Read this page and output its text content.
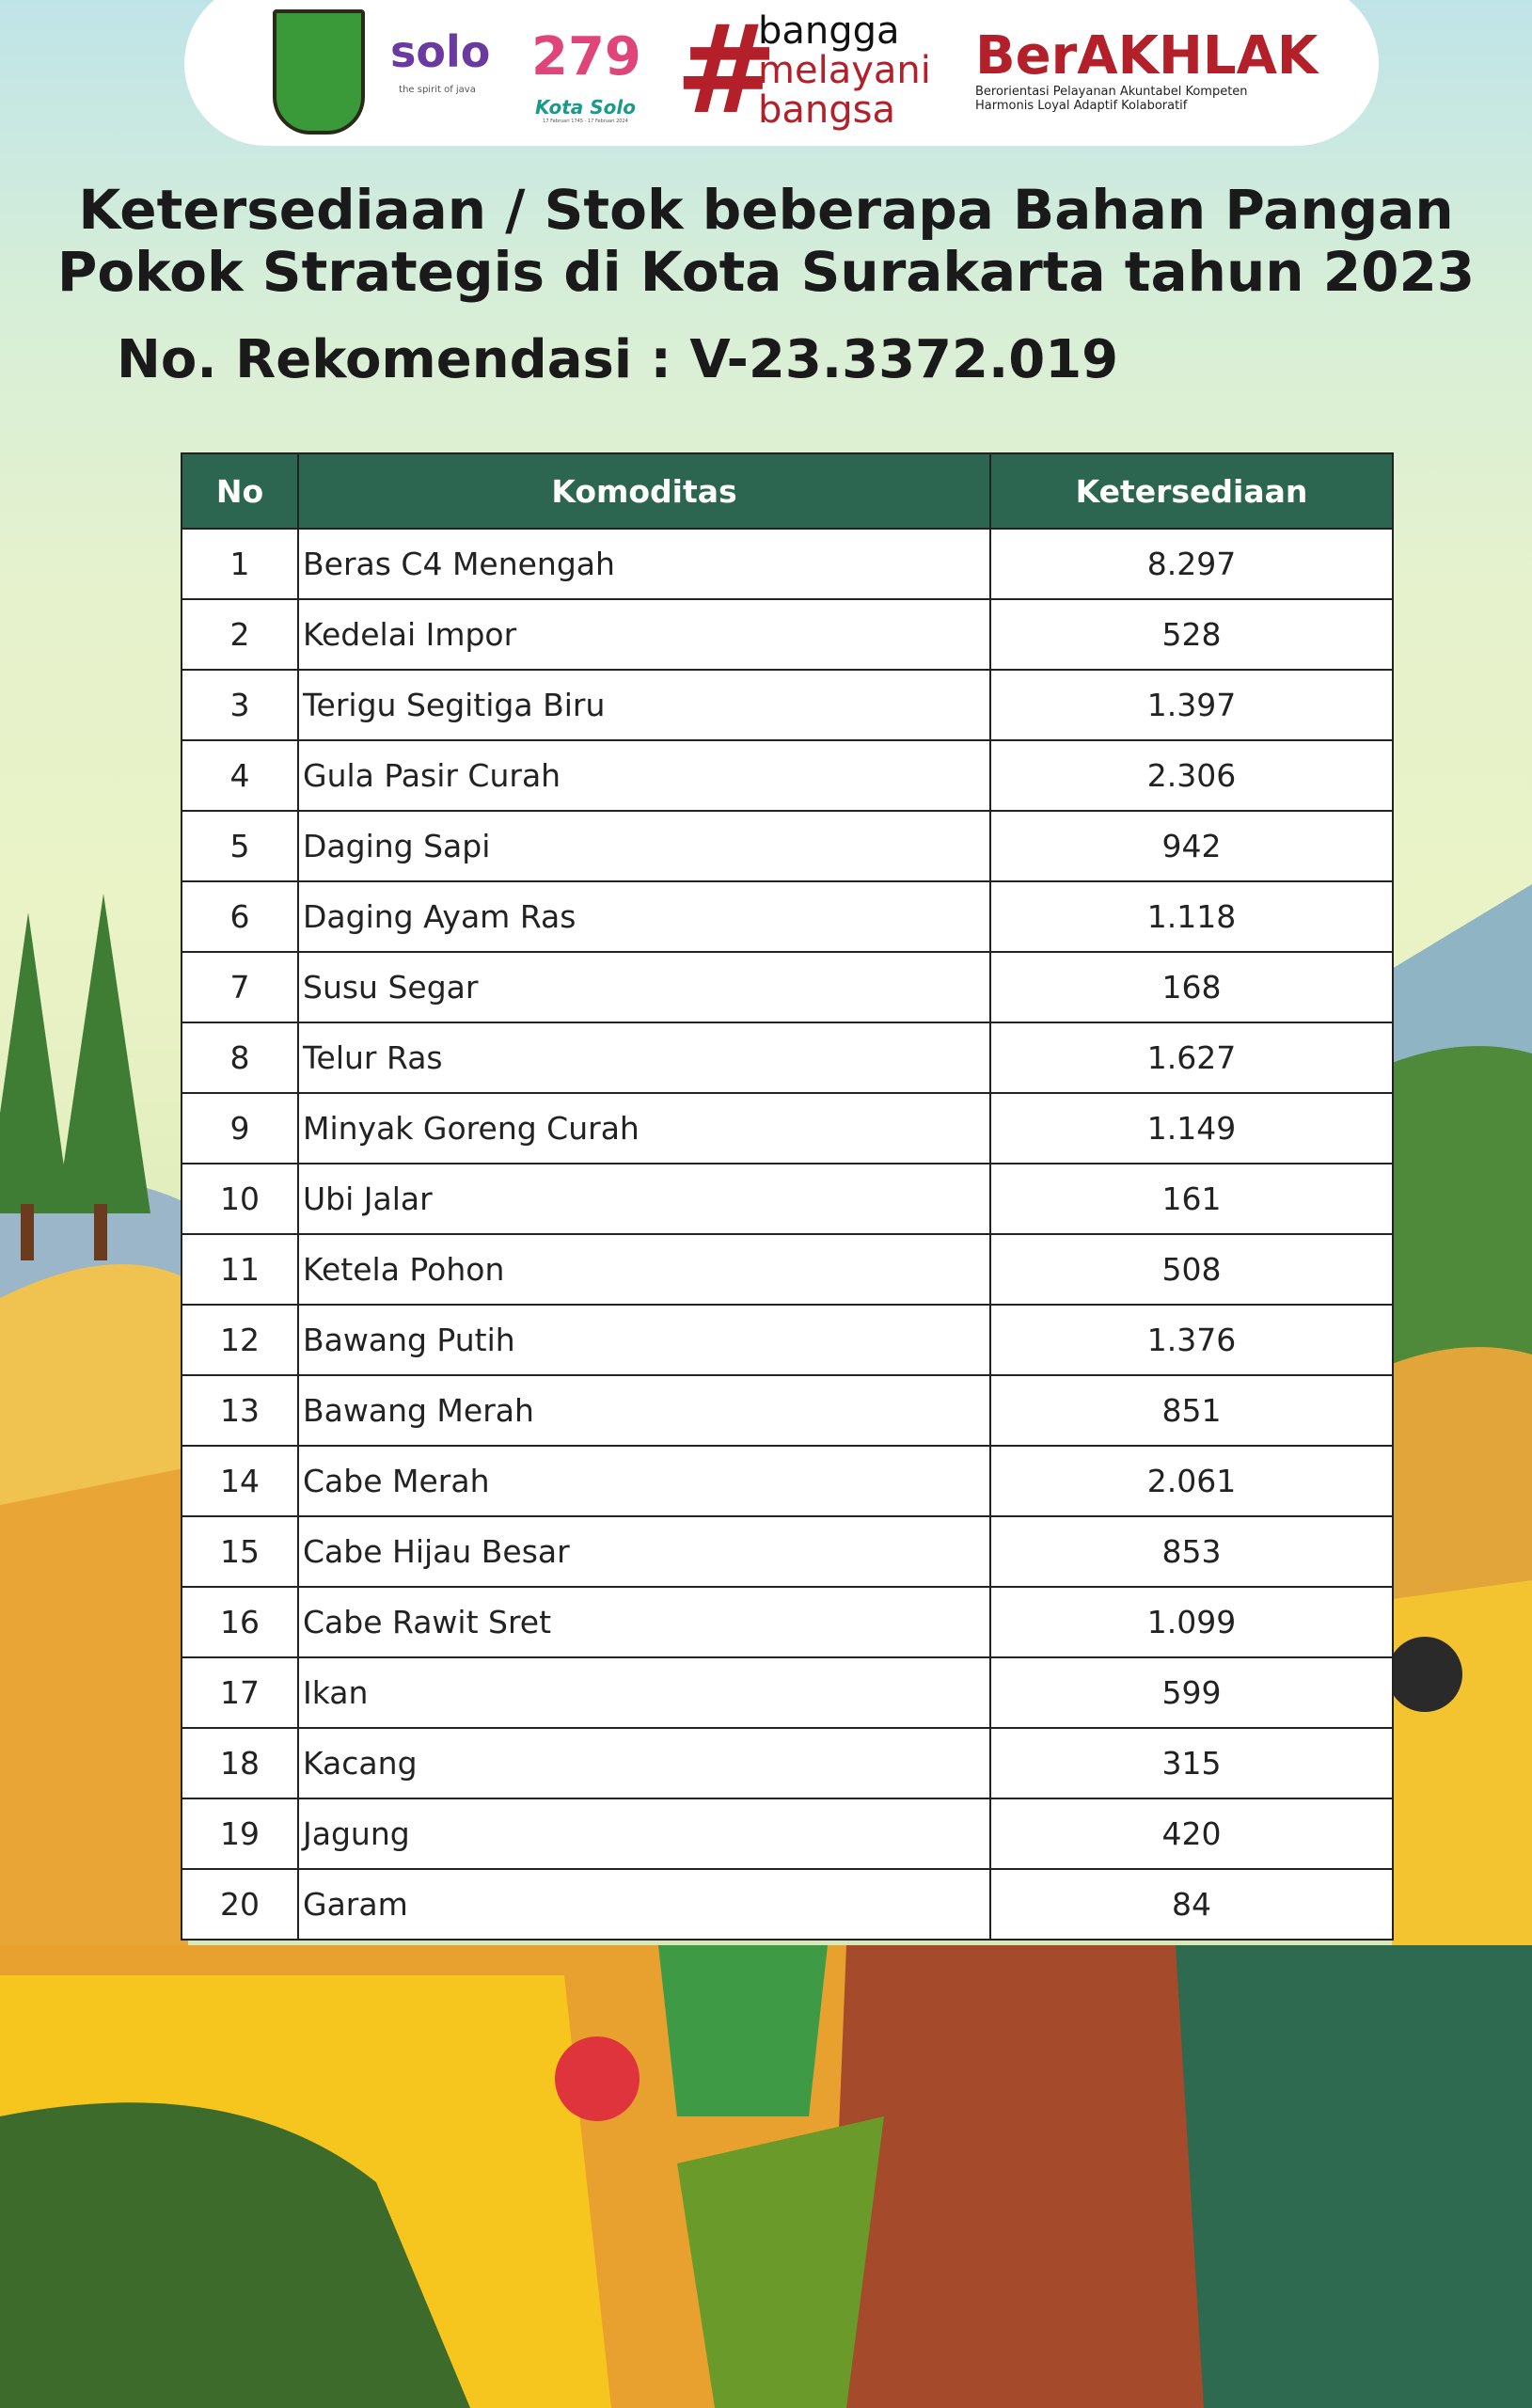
solo
the spirit of java
279
Kota Solo
17 Februari 1745 - 17 Februari 2024 #
bangga
melayani
bangsa
BerAKHLAK
Berorientasi Pelayanan Akuntabel Kompeten
Harmonis Loyal Adaptif Kolaboratif
Ketersediaan / Stok beberapa Bahan Pangan
Pokok Strategis di Kota Surakarta tahun 2023
No. Rekomendasi : V-23.3372.019
No	Komoditas	Ketersediaan
1	Beras C4 Menengah	8.297
2	Kedelai Impor	528
3	Terigu Segitiga Biru	1.397
4	Gula Pasir Curah	2.306
5	Daging Sapi	942
6	Daging Ayam Ras	1.118
7	Susu Segar	168
8	Telur Ras	1.627
9	Minyak Goreng Curah	1.149
10	Ubi Jalar	161
11	Ketela Pohon	508
12	Bawang Putih	1.376
13	Bawang Merah	851
14	Cabe Merah	2.061
15	Cabe Hijau Besar	853
16	Cabe Rawit Sret	1.099
17	Ikan	599
18	Kacang	315
19	Jagung	420
20	Garam	84
